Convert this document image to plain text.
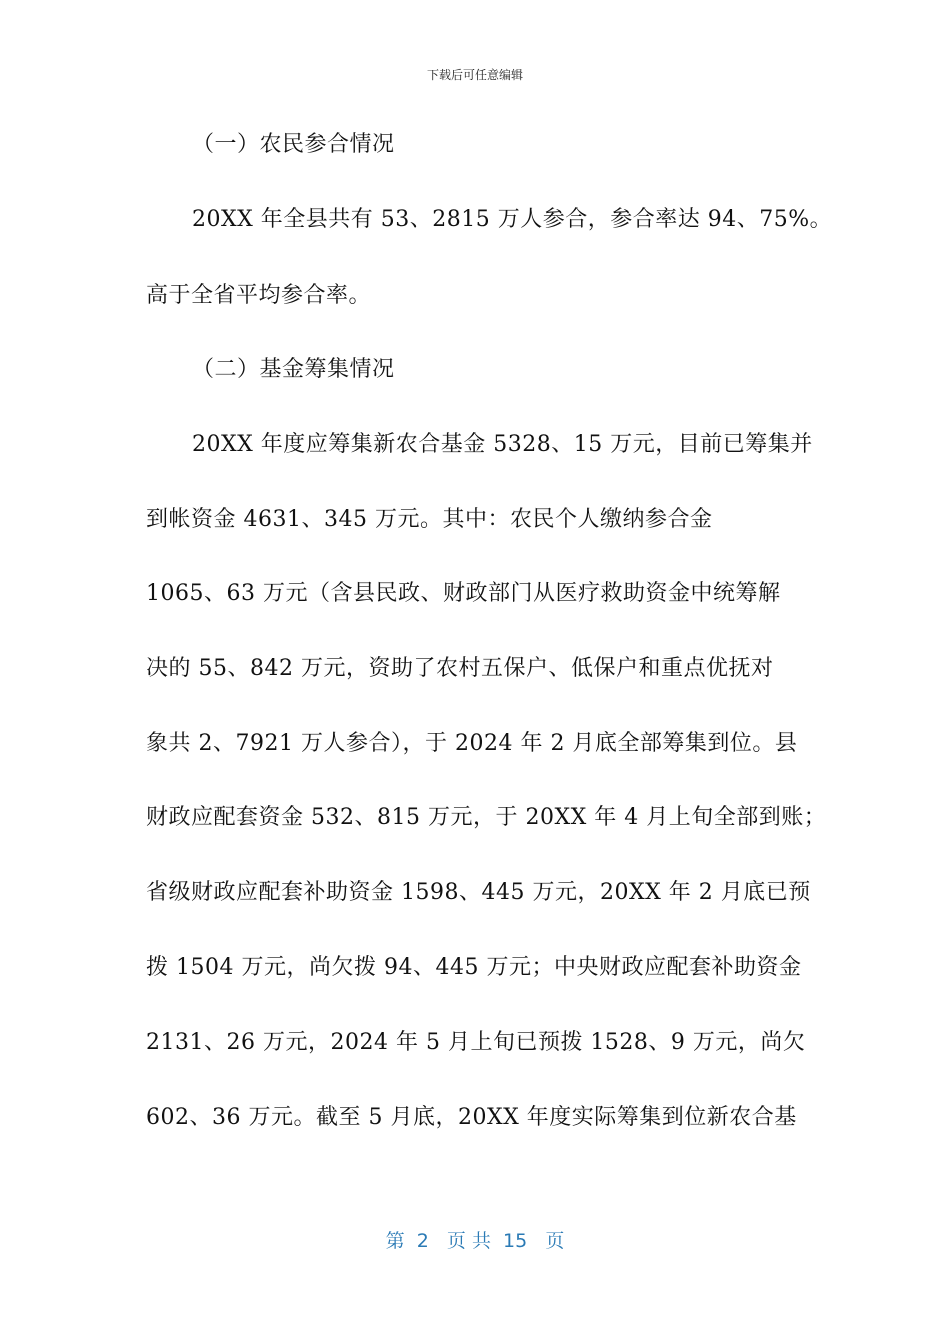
下载后可任意编辑
（一）农民参合情况
20XX 年全县共有 53、2815 万人参合，参合率达 94、75%。
高于全省平均参合率。
（二）基金筹集情况
20XX 年度应筹集新农合基金 5328、15 万元，目前已筹集并
到帐资金 4631、345 万元。其中：农民个人缴纳参合金
1065、63 万元（含县民政、财政部门从医疗救助资金中统筹解
决的 55、842 万元，资助了农村五保户、低保户和重点优抚对
象共 2、7921 万人参合），于 2024 年 2 月底全部筹集到位。县
财政应配套资金 532、815 万元，于 20XX 年 4 月上旬全部到账；
省级财政应配套补助资金 1598、445 万元，20XX 年 2 月底已预
拨 1504 万元，尚欠拨 94、445 万元；中央财政应配套补助资金
2131、26 万元，2024 年 5 月上旬已预拨 1528、9 万元，尚欠
602、36 万元。截至 5 月底，20XX 年度实际筹集到位新农合基
第  2   页 共  15   页
